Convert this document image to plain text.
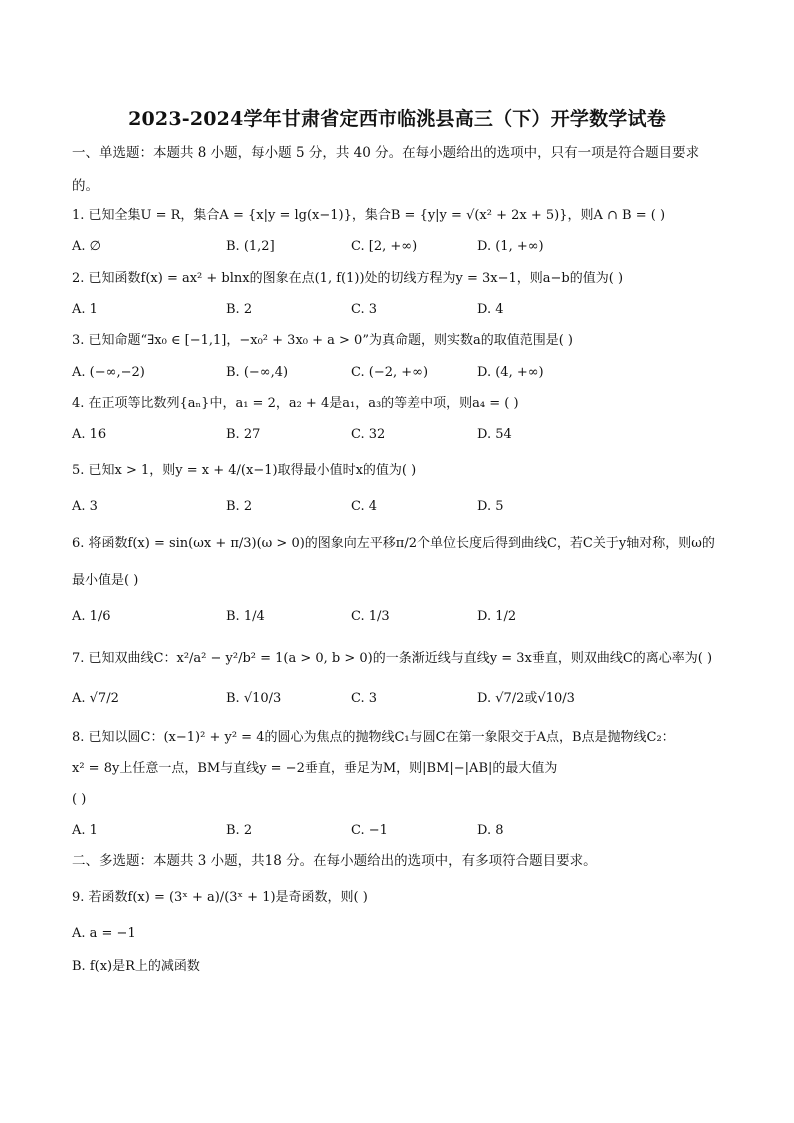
2023-2024学年甘肃省定西市临洮县高三（下）开学数学试卷
一、单选题：本题共 8 小题，每小题 5 分，共 40 分。在每小题给出的选项中，只有一项是符合题目要求
的。
1. 已知全集U = R，集合A = {x|y = lg(x−1)}，集合B = {y|y = √(x² + 2x + 5)}，则A ∩ B = ( )
A. ∅	B. (1,2]	C. [2, +∞)	D. (1, +∞)
2. 已知函数f(x) = ax² + blnx的图象在点(1, f(1))处的切线方程为y = 3x−1，则a−b的值为( )
A. 1	B. 2	C. 3	D. 4
3. 已知命题“∃x₀ ∈ [−1,1]，−x₀² + 3x₀ + a > 0”为真命题，则实数a的取值范围是( )
A. (−∞,−2)	B. (−∞,4)	C. (−2, +∞)	D. (4, +∞)
4. 在正项等比数列{aₙ}中，a₁ = 2，a₂ + 4是a₁，a₃的等差中项，则a₄ = ( )
A. 16	B. 27	C. 32	D. 54
5. 已知x > 1，则y = x + 4/(x−1)取得最小值时x的值为( )
A. 3	B. 2	C. 4	D. 5
6. 将函数f(x) = sin(ωx + π/3)(ω > 0)的图象向左平移π/2个单位长度后得到曲线C，若C关于y轴对称，则ω的
最小值是( )
A. 1/6	B. 1/4	C. 1/3	D. 1/2
7. 已知双曲线C：x²/a² − y²/b² = 1(a > 0, b > 0)的一条渐近线与直线y = 3x垂直，则双曲线C的离心率为( )
A. √7/2	B. √10/3	C. 3	D. √7/2或√10/3
8. 已知以圆C：(x−1)² + y² = 4的圆心为焦点的抛物线C₁与圆C在第一象限交于A点，B点是抛物线C₂：
x² = 8y上任意一点，BM与直线y = −2垂直，垂足为M，则|BM|−|AB|的最大值为
( )
A. 1	B. 2	C. −1	D. 8
二、多选题：本题共 3 小题，共18 分。在每小题给出的选项中，有多项符合题目要求。
9. 若函数f(x) = (3ˣ + a)/(3ˣ + 1)是奇函数，则( )
A. a = −1
B. f(x)是R上的减函数
